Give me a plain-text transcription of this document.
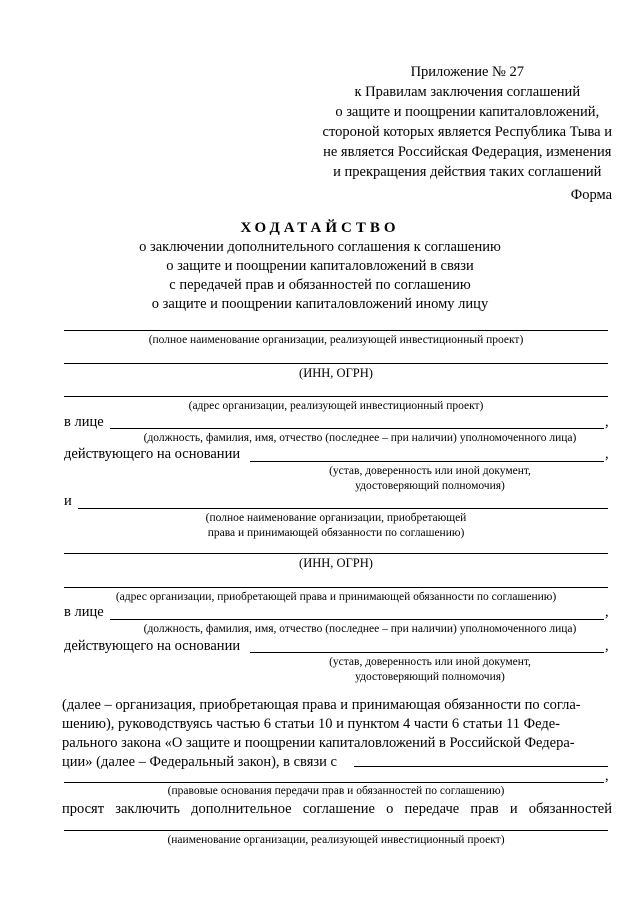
Приложение № 27
к Правилам заключения соглашений
о защите и поощрении капиталовложений,
стороной которых является Республика Тыва и
не является Российская Федерация, изменения
и прекращения действия таких соглашений
Форма
ХОДАТАЙСТВО
о заключении дополнительного соглашения к соглашению
о защите и поощрении капиталовложений в связи
с передачей прав и обязанностей по соглашению
о защите и поощрении капиталовложений иному лицу
(полное наименование организации, реализующей инвестиционный проект)
(ИНН, ОГРН)
(адрес организации, реализующей инвестиционный проект)
в лице	,
(должность, фамилия, имя, отчество (последнее – при наличии) уполномоченного лица)
действующего на основании	,
(устав, доверенность или иной документ,
удостоверяющий полномочия)
и
(полное наименование организации, приобретающей
права и принимающей обязанности по соглашению)
(ИНН, ОГРН)
(адрес организации, приобретающей права и принимающей обязанности по соглашению)
в лице	,
(должность, фамилия, имя, отчество (последнее – при наличии) уполномоченного лица)
действующего на основании	,
(устав, доверенность или иной документ,
удостоверяющий полномочия)
(далее – организация, приобретающая права и принимающая обязанности по согла-
шению), руководствуясь частью 6 статьи 10 и пунктом 4 части 6 статьи 11 Феде-
рального закона «О защите и поощрении капиталовложений в Российской Федера-
ции» (далее – Федеральный закон), в связи с
,
(правовые основания передачи прав и обязанностей по соглашению)
просят заключить дополнительное соглашение о передаче прав и обязанностей
(наименование организации, реализующей инвестиционный проект)
